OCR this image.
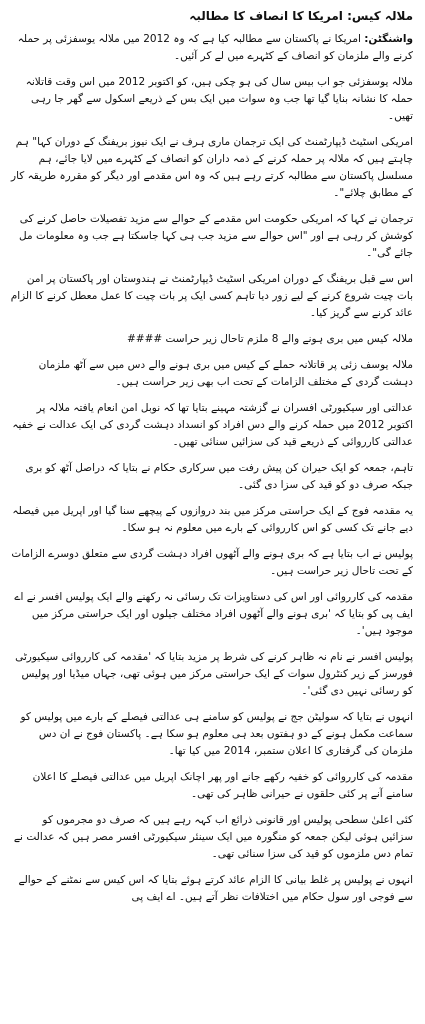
ملالہ کیس: امریکا کا انصاف کا مطالبہ

واشنگٹن: امریکا نے پاکستان سے مطالبہ کیا ہے کہ وہ 2012 میں ملالہ یوسفزئی پر حملہ کرنے والے ملزمان کو انصاف کے کٹہرے میں لے کر آئیں۔

ملالہ یوسفزئی جو اب بیس سال کی ہو چکی ہیں، کو اکتوبر 2012 میں اس وقت قاتلانہ حملہ کا نشانہ بنایا گیا تھا جب وہ سوات میں ایک بس کے ذریعے اسکول سے گھر جا رہی تھیں۔

امریکی اسٹیٹ ڈیپارٹمنٹ کی ایک ترجمان ماری ہرف نے ایک نیوز بریفنگ کے دوران کہا" ہم چاہتے ہیں کہ ملالہ پر حملہ کرنے کے ذمہ داران کو انصاف کے کٹہرے میں لایا جائے، ہم مسلسل پاکستان سے مطالبہ کرتے رہے ہیں کہ وہ اس مقدمے اور دیگر کو مقررہ طریقہ کار کے مطابق چلائے"۔

ترجمان نے کہا کہ امریکی حکومت اس مقدمے کے حوالے سے مزید تفصیلات حاصل کرنے کی کوشش کر رہی ہے اور "اس حوالے سے مزید جب ہی کہا جاسکتا ہے جب وہ معلومات مل جائے گی"۔

اس سے قبل بریفنگ کے دوران امریکی اسٹیٹ ڈیپارٹمنٹ نے ہندوستان اور پاکستان پر امن بات چیت شروع کرنے کے لیے زور دیا تاہم کسی ایک پر بات چیت کا عمل معطل کرنے کا الزام عائد کرنے سے گریز کیا۔

ملالہ کیس میں بری ہونے والے 8 ملزم تاحال زیر حراست ####

ملالہ یوسف زئی پر قاتلانہ حملے کے کیس میں بری ہونے والے دس میں سے آٹھ ملزمان دہشت گردی کے مختلف الزامات کے تحت اب بھی زیر حراست ہیں۔

عدالتی اور سیکیورٹی افسران نے گزشتہ مہینے بتایا تھا کہ نوبل امن انعام یافتہ ملالہ پر اکتوبر 2012 میں حملہ کرنے والے دس افراد کو انسداد دہشت گردی کی ایک عدالت نے خفیہ عدالتی کارروائی کے ذریعے قید کی سزائیں سنائی تھیں۔

تاہم، جمعہ کو ایک حیران کن پیش رفت میں سرکاری حکام نے بتایا کہ دراصل آٹھ کو بری جبکہ صرف دو کو قید کی سزا دی گئی۔

یہ مقدمہ فوج کے ایک حراستی مرکز میں بند دروازوں کے پیچھے سنا گیا اور اپریل میں فیصلہ دیے جانے تک کسی کو اس کارروائی کے بارے میں معلوم نہ ہو سکا۔

پولیس نے اب بتایا ہے کہ بری ہونے والے آٹھوں افراد دہشت گردی سے متعلق دوسرے الزامات کے تحت تاحال زیر حراست ہیں۔

مقدمہ کی کارروائی اور اس کی دستاویزات تک رسائی نہ رکھنے والے ایک پولیس افسر نے اے ایف پی کو بتایا کہ 'بری ہونے والے آٹھوں افراد مختلف جیلوں اور ایک حراستی مرکز میں موجود ہیں'۔

پولیس افسر نے نام نہ ظاہر کرنے کی شرط پر مزید بتایا کہ 'مقدمہ کی کارروائی سیکیورٹی فورسز کے زیر کنٹرول سوات کے ایک حراستی مرکز میں ہوئی تھی، جہاں میڈیا اور پولیس کو رسائی نہیں دی گئی'۔

انہوں نے بتایا کہ سولیٹن جج نے پولیس کو سامنے ہی عدالتی فیصلے کے بارے میں پولیس کو سماعت مکمل ہونے کے دو ہفتوں بعد ہی معلوم ہو سکا ہے۔ پاکستان فوج نے ان دس ملزمان کی گرفتاری کا اعلان ستمبر، 2014 میں کیا تھا۔

مقدمہ کی کارروائی کو خفیہ رکھے جانے اور پھر اچانک اپریل میں عدالتی فیصلے کا اعلان سامنے آنے پر کئی حلقوں نے حیرانی ظاہر کی تھی۔

کئی اعلیٰ سطحی پولیس اور قانونی ذرائع اب کہہ رہے ہیں کہ صرف دو مجرموں کو سزائیں ہوئی لیکن جمعہ کو منگورہ میں ایک سینئر سیکیورٹی افسر مصر ہیں کہ عدالت نے تمام دس ملزموں کو قید کی سزا سنائی تھی۔

انہوں نے پولیس پر غلط بیانی کا الزام عائد کرتے ہوئے بتایا کہ اس کیس سے نمٹنے کے حوالے سے فوجی اور سول حکام میں اختلافات نظر آتے ہیں۔ اے ایف پی
